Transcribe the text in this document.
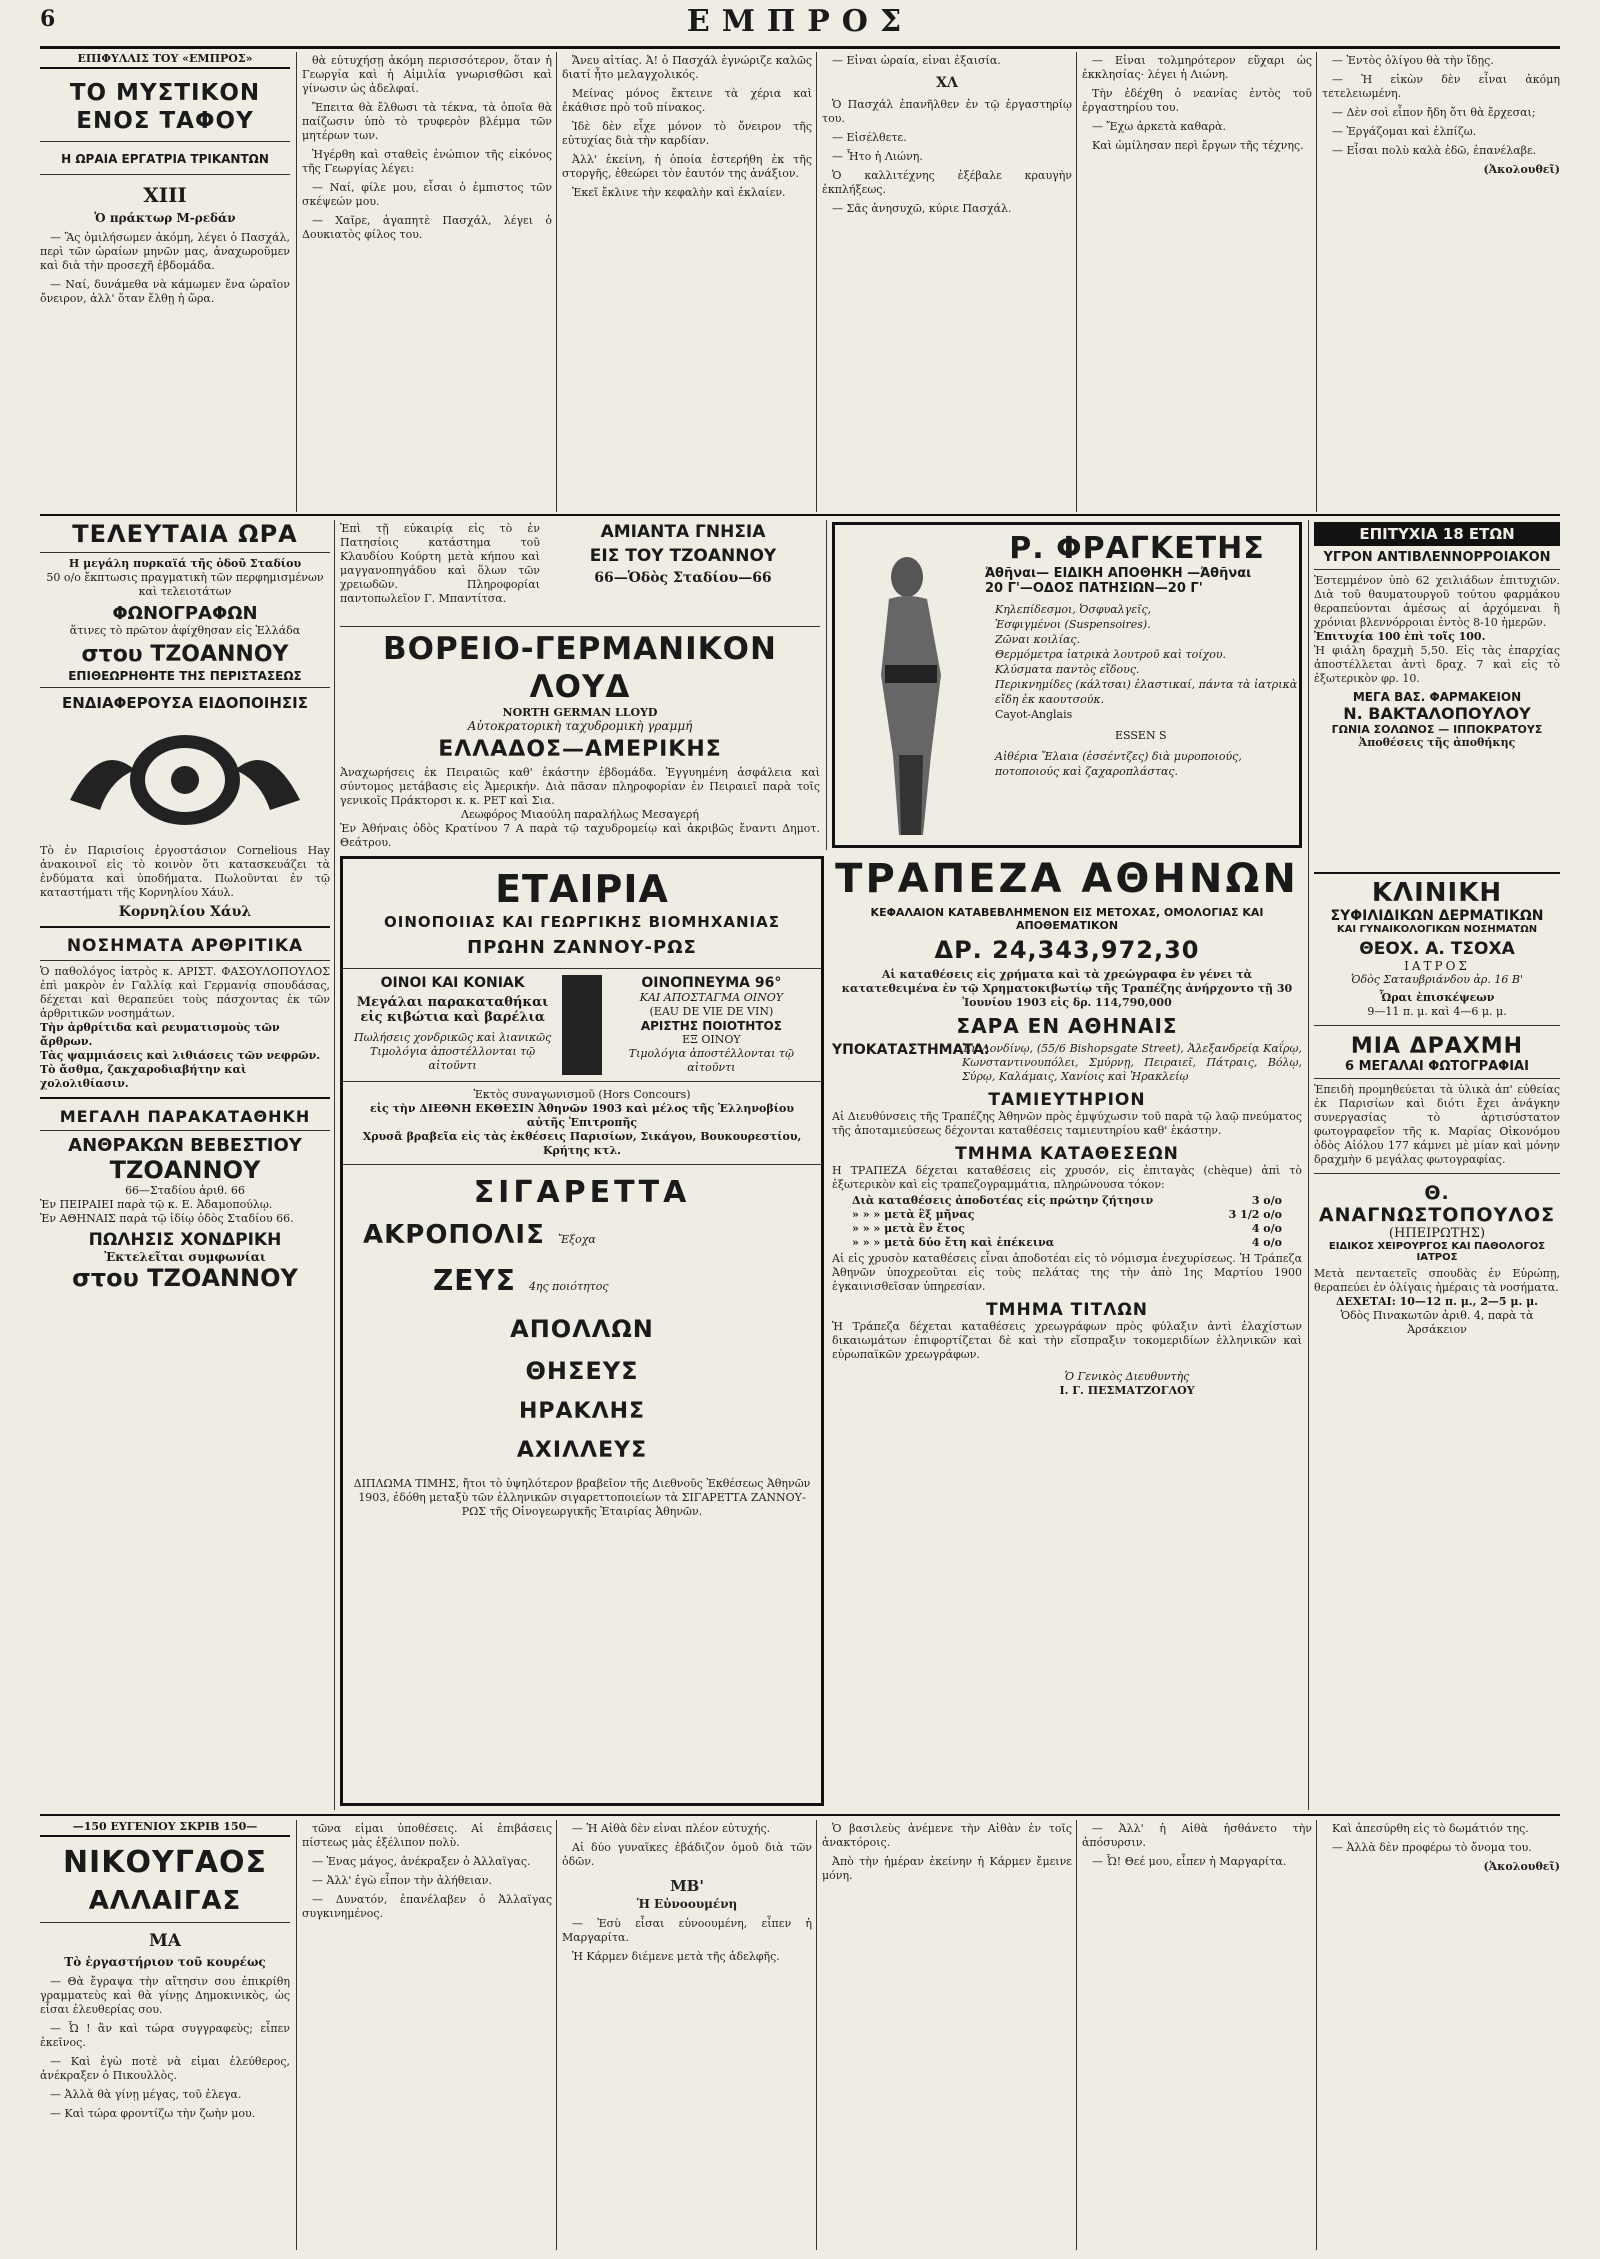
6	ΕΜΠΡΟΣ
ΕΠΙΦΥΛΛΙΣ ΤΟΥ «ΕΜΠΡΟΣ»
ΤΟ ΜΥΣΤΙΚΟΝ ΕΝΟΣ ΤΑΦΟΥ
Η ΩΡΑΙΑ ΕΡΓΑΤΡΙΑ ΤΡΙΚΑΝΤΩΝ
XIII
Ὁ πράκτωρ Μ-ρεδάν

— Ἃς ὁμιλήσωμεν ἀκόμη, λέγει ὁ Πασχάλ, περὶ τῶν ὡραίων μηνῶν μας, ἀναχωροῦμεν καὶ διὰ τὴν προσεχῆ ἑβδομάδα.

— Ναί, δυνάμεθα νὰ κάμωμεν ἔνα ὡραῖον ὄνειρον, ἀλλ' ὅταν ἔλθῃ ἡ ὥρα.

θὰ εὐτυχήσῃ ἀκόμη περισσότερον, ὅταν ἡ Γεωργία καὶ ἡ Αἰμιλία γνωρισθῶσι καὶ γίνωσιν ὡς ἀδελφαί.

Ἔπειτα θὰ ἔλθωσι τὰ τέκνα, τὰ ὁποῖα θὰ παίζωσιν ὑπὸ τὸ τρυφερὸν βλέμμα τῶν μητέρων των.

Ἠγέρθη καὶ σταθεὶς ἐνώπιον τῆς εἰκόνος τῆς Γεωργίας λέγει:

— Ναί, φίλε μου, εἶσαι ὁ ἐμπιστος τῶν σκέψεών μου.

— Χαῖρε, ἀγαπητὲ Πασχάλ, λέγει ὁ Δουκιατὸς φίλος του.

Ἄνευ αἰτίας. Ἀ! ὁ Πασχάλ ἐγνώριζε καλῶς διατί ἦτο μελαγχολικός.

Μείνας μόνος ἔκτεινε τὰ χέρια καὶ ἐκάθισε πρὸ τοῦ πίνακος.

Ἰδὲ δὲν εἶχε μόνον τὸ ὄνειρον τῆς εὐτυχίας διὰ τὴν καρδίαν.

Ἀλλ' ἐκείνη, ἡ ὁποία ἐστερήθη ἐκ τῆς στοργῆς, ἐθεώρει τὸν ἑαυτόν της ἀνάξιον.

Ἐκεῖ ἔκλινε τὴν κεφαλὴν καὶ ἐκλαίεν.

— Εἶναι ὡραία, εἶναι ἐξαισία.

ΧΛ

Ὁ Πασχάλ ἐπανῆλθεν ἐν τῷ ἐργαστηρίῳ του.

— Εἰσέλθετε.

— Ἦτο ἡ Λιώνη.

Ὁ καλλιτέχνης ἐξέβαλε κραυγὴν ἐκπλήξεως.

— Σᾶς ἀνησυχῶ, κύριε Πασχάλ.

— Εἶναι τολμηρότερον εὔχαρι ὡς ἐκκλησίας· λέγει ἡ Λιώνη.

Τὴν ἐδέχθη ὁ νεανίας ἐντὸς τοῦ ἐργαστηρίου του.

— Ἔχω ἀρκετὰ καθαρὰ.

Καὶ ὡμίλησαν περὶ ἔργων τῆς τέχνης.

— Ἐντὸς ὀλίγου θὰ τὴν ἴδῃς.

— Ἡ εἰκὼν δὲν εἶναι ἀκόμη τετελειωμένη.

— Δὲν σοὶ εἶπον ἤδη ὅτι θὰ ἔρχεσαι;

— Ἐργάζομαι καὶ ἐλπίζω.

— Εἶσαι πολὺ καλὰ ἐδῶ, ἐπανέλαβε.

(Ἀκολουθεῖ)
ΤΕΛΕΥΤΑΙΑ ΩΡΑ
Η μεγάλη πυρκαϊά τῆς ὁδοῦ Σταδίου
50 ο/ο ἔκπτωσις πραγματικὴ τῶν περφημισμένων καὶ τελειοτάτων
ΦΩΝΟΓΡΑΦΩΝ
ἅτινες τὸ πρῶτον ἀφίχθησαν εἰς Ἑλλάδα
στου ΤΖΟΑΝΝΟΥ
ΕΠΙΘΕΩΡΗΘΗΤΕ ΤΗΣ ΠΕΡΙΣΤΑΣΕΩΣ
ΕΝΔΙΑΦΕΡΟΥΣΑ ΕΙΔΟΠΟΙΗΣΙΣ
Τὸ ἐν Παρισίοις ἐργοστάσιον Cornelious Hay ἀνακοινοῖ εἰς τὸ κοινὸν ὅτι κατασκευάζει τὰ ἐνδύματα καὶ ὑποδήματα. Πωλοῦνται ἐν τῷ καταστήματι τῆς Κορνηλίου Χάυλ.
Κορνηλίου Χάυλ
ΝΟΣΗΜΑΤΑ ΑΡΘΡΙΤΙΚΑ
Ὁ παθολόγος ἰατρὸς κ. ΑΡΙΣΤ. ΦΑΣΟΥΛΟΠΟΥΛΟΣ ἐπὶ μακρὸν ἐν Γαλλίᾳ καὶ Γερμανίᾳ σπουδάσας, δέχεται καὶ θεραπεύει τοὺς πάσχοντας ἐκ τῶν ἀρθριτικῶν νοσημάτων.
Τὴν ἀρθρίτιδα καὶ ρευματισμοὺς τῶν ἄρθρων.
Τὰς ψαμμιάσεις καὶ λιθιάσεις τῶν νεφρῶν.
Τὸ ἄσθμα, ζακχαροδιαβήτην καὶ χολολιθίασιν.
ΜΕΓΑΛΗ ΠΑΡΑΚΑΤΑΘΗΚΗ
ΑΝΘΡΑΚΩΝ ΒΕΒΕΣΤΙΟΥ
ΤΖΟΑΝΝΟΥ
66—Σταδίου ἀριθ. 66
Ἐν ΠΕΙΡΑΙΕΙ παρὰ τῷ κ. Ε. Ἀδαμοπούλῳ.
Ἐν ΑΘΗΝΑΙΣ παρὰ τῷ ἰδίῳ ὁδὸς Σταδίου 66.
ΠΩΛΗΣΙΣ ΧΟΝΔΡΙΚΗ
Ἐκτελεῖται συμφωνίαι
στου ΤΖΟΑΝΝΟΥ
Ἐπὶ τῇ εὐκαιρίᾳ εἰς τὸ ἐν Πατησίοις κατάστημα τοῦ Κλαυδίου Κούρτη μετὰ κήπου καὶ μαγγανοπηγάδου καὶ ὅλων τῶν χρειωδῶν. Πληροφορίαι παντοπωλεῖον Γ. Μπαντίτσα.
ΑΜΙΑΝΤΑ ΓΝΗΣΙΑ
ΕΙΣ ΤΟΥ ΤΖΟΑΝΝΟΥ
66—Ὁδὸς Σταδίου—66
ΒΟΡΕΙΟ-ΓΕΡΜΑΝΙΚΟΝ ΛΟΥΔ
NORTH GERMAN LLOYD
Αὐτοκρατορικὴ ταχυδρομικὴ γραμμή
ΕΛΛΑΔΟΣ—ΑΜΕΡΙΚΗΣ
Ἀναχωρήσεις ἐκ Πειραιῶς καθ' ἑκάστην ἑβδομάδα. Ἐγγυημένη ἀσφάλεια καὶ σύντομος μετάβασις εἰς Ἀμερικήν. Διὰ πᾶσαν πληροφορίαν ἐν Πειραιεῖ παρὰ τοῖς γενικοῖς Πράκτορσι κ. κ. ΡΕΤ καὶ Σια.
Λεωφόρος Μιαούλη παραλήλως Μεσαγερή
Ἐν Ἀθήναις ὁδὸς Κρατίνου 7 Α παρὰ τῷ ταχυδρομείῳ καὶ ἀκριβῶς ἔναντι Δημοτ. Θεάτρου.
Ρ. ΦΡΑΓΚΕΤΗΣ
Ἀθῆναι— ΕΙΔΙΚΗ ΑΠΟΘΗΚΗ —Ἀθῆναι
20 Γ'—ΟΔΟΣ ΠΑΤΗΣΙΩΝ—20 Γ'
Κηλεπίδεσμοι, Ὀσφυαλγεῖς,
Ἑσφιγμένοι (Suspensoires).
Ζῶναι κοιλίας.
Θερμόμετρα ἰατρικὰ λουτροῦ καὶ τοίχου.
Κλύσματα παντὸς εἴδους.
Περικνημίδες (κάλτσαι) ἐλαστικαί, πάντα τὰ ἰατρικὰ εἴδη ἐκ καουτσούκ.
Cayot-Anglais
ESSEN S
Αἰθέρια Ἔλαια (ἐσσέντζες) διὰ μυροποιούς, ποτοποιούς καὶ ζαχαροπλάστας.
ΕΠΙΤΥΧΙΑ 18 ΕΤΩΝ
ΥΓΡΟΝ ΑΝΤΙΒΛΕΝΝΟΡΡΟΙΑΚΟΝ
Ἐστεμμένον ὑπὸ 62 χειλιάδων ἐπιτυχιῶν. Διὰ τοῦ θαυματουργοῦ τούτου φαρμάκου θεραπεύονται ἀμέσως αἱ ἀρχόμεναι ἢ χρόνιαι βλεννόρροιαι ἐντὸς 8-10 ἡμερῶν.
Ἐπιτυχία 100 ἐπὶ τοῖς 100.
Ἡ φιάλη δραχμὴ 5,50. Εἰς τὰς ἐπαρχίας ἀποστέλλεται ἀντὶ δραχ. 7 καὶ εἰς τὸ ἐξωτερικὸν φρ. 10.
ΜΕΓΑ ΒΑΣ. ΦΑΡΜΑΚΕΙΟΝ
Ν. ΒΑΚΤΑΛΟΠΟΥΛΟΥ
ΓΩΝΙΑ ΣΟΛΩΝΟΣ — ΙΠΠΟΚΡΑΤΟΥΣ
Ἀποθέσεις τῆς ἀποθήκης
ΕΤΑΙΡΙΑ
ΟΙΝΟΠΟΙΙΑΣ ΚΑΙ ΓΕΩΡΓΙΚΗΣ ΒΙΟΜΗΧΑΝΙΑΣ
ΠΡΩΗΝ ΖΑΝΝΟΥ-ΡΩΣ
ΟΙΝΟΙ ΚΑΙ ΚΟΝΙΑΚ
Μεγάλαι παρακαταθήκαι εἰς κιβώτια καὶ βαρέλια
Πωλήσεις χονδρικῶς καὶ λιανικῶς
Τιμολόγια ἀποστέλλονται τῷ αἰτοῦντι
ΟΙΝΟΠΝΕΥΜΑ 96°
ΚΑΙ ΑΠΟΣΤΑΓΜΑ ΟΙΝΟΥ
(EAU DE VIE DE VIN)
ΑΡΙΣΤΗΣ ΠΟΙΟΤΗΤΟΣ
ΕΞ ΟΙΝΟΥ
Τιμολόγια ἀποστέλλονται τῷ αἰτοῦντι
Ἐκτὸς συναγωνισμοῦ (Hors Concours)
εἰς τὴν ΔΙΕΘΝΗ ΕΚΘΕΣΙΝ Ἀθηνῶν 1903 καὶ μέλος τῆς Ἑλληνοβίου αὐτῆς Ἐπιτροπῆς
Χρυσᾶ βραβεῖα εἰς τὰς ἐκθέσεις Παρισίων, Σικάγου, Βουκουρεστίου, Κρήτης κτλ.
ΣΙΓΑΡΕΤΤΑ
ΑΚΡΟΠΟΛΙΣ Ἔξοχα
ΖΕΥΣ 4ης ποιότητος
ΑΠΟΛΛΩΝ
ΘΗΣΕΥΣ
ΗΡΑΚΛΗΣ
ΑΧΙΛΛΕΥΣ
ΔΙΠΛΩΜΑ ΤΙΜΗΣ, ἤτοι τὸ ὑψηλότερον βραβεῖον τῆς Διεθνοῦς Ἐκθέσεως Ἀθηνῶν 1903, ἐδόθη μεταξὺ τῶν ἑλληνικῶν σιγαρεττοποιείων τὰ ΣΙΓΑΡΕΤΤΑ ΖΑΝΝΟΥ-ΡΩΣ τῆς Οἰνογεωργικῆς Ἑταιρίας Ἀθηνῶν.
ΤΡΑΠΕΖΑ ΑΘΗΝΩΝ
ΚΕΦΑΛΑΙΟΝ ΚΑΤΑΒΕΒΛΗΜΕΝΟΝ ΕΙΣ ΜΕΤΟΧΑΣ, ΟΜΟΛΟΓΙΑΣ ΚΑΙ ΑΠΟΘΕΜΑΤΙΚΟΝ
ΔΡ. 24,343,972,30
Αἱ καταθέσεις εἰς χρήματα καὶ τὰ χρεώγραφα ἐν γένει τὰ κατατεθειμένα ἐν τῷ Χρηματοκιβωτίῳ τῆς Τραπέζης ἀνήρχοντο τῇ 30 Ἰουνίου 1903 εἰς δρ. 114,790,000
ΣΑΡΑ ΕΝ ΑΘΗΝΑΙΣ
ΥΠΟΚΑΤΑΣΤΗΜΑΤΑ:
Ἐν Λονδίνῳ, (55/6 Bishopsgate Street), Ἀλεξανδρείᾳ Καΐρῳ, Κωνσταντινουπόλει, Σμύρνῃ, Πειραιεῖ, Πάτραις, Βόλῳ, Σύρῳ, Καλάμαις, Χανίοις καὶ Ἡρακλείῳ
ΤΑΜΙΕΥΤΗΡΙΟΝ
Αἱ Διευθύνσεις τῆς Τραπέζης Ἀθηνῶν πρὸς ἐμψύχωσιν τοῦ παρὰ τῷ λαῷ πνεύματος τῆς ἀποταμιεύσεως δέχονται καταθέσεις ταμιευτηρίου καθ' ἑκάστην.
ΤΜΗΜΑ ΚΑΤΑΘΕΣΕΩΝ
Η ΤΡΑΠΕΖΑ δέχεται καταθέσεις εἰς χρυσόν, εἰς ἐπιταγὰς (chèque) ἀπὶ τὸ ἐξωτερικὸν καὶ εἰς τραπεζογραμμάτια, πληρώνουσα τόκον:
Διὰ καταθέσεις ἀποδοτέας εἰς πρώτην ζήτησιν	3 ο/ο
» » » μετὰ ἓξ μῆνας	3 1/2 ο/ο
» » » μετὰ ἓν ἔτος	4 ο/ο
» » » μετὰ δύο ἔτη καὶ ἐπέκεινα	4 ο/ο
Αἱ εἰς χρυσὸν καταθέσεις εἶναι ἀποδοτέαι εἰς τὸ νόμισμα ἐνεχυρίσεως. Ἡ Τράπεζα Ἀθηνῶν ὑποχρεοῦται εἰς τοὺς πελάτας της τὴν ἀπὸ 1ης Μαρτίου 1900 ἐγκαινισθεῖσαν ὑπηρεσίαν.
ΤΜΗΜΑ ΤΙΤΛΩΝ
Ἡ Τράπεζα δέχεται καταθέσεις χρεωγράφων πρὸς φύλαξιν ἀντὶ ἐλαχίστων δικαιωμάτων ἐπιφορτίζεται δὲ καὶ τὴν εἴσπραξιν τοκομεριδίων ἑλληνικῶν καὶ εὐρωπαϊκῶν χρεωγράφων.
Ὁ Γενικὸς Διευθυντὴς
Ι. Γ. ΠΕΣΜΑΤΖΟΓΛΟΥ
ΚΛΙΝΙΚΗ
ΣΥΦΙΛΙΔΙΚΩΝ ΔΕΡΜΑΤΙΚΩΝ
ΚΑΙ ΓΥΝΑΙΚΟΛΟΓΙΚΩΝ ΝΟΣΗΜΑΤΩΝ
ΘΕΟΧ. Α. ΤΣΟΧΑ
ΙΑΤΡΟΣ
Ὁδὸς Σαταυβριάνδου ἀρ. 16 Β'
Ὧραι ἐπισκέψεων
9—11 π. μ. καὶ 4—6 μ. μ.
ΜΙΑ ΔΡΑΧΜΗ
6 ΜΕΓΑΛΑΙ ΦΩΤΟΓΡΑΦΙΑΙ
Ἐπειδὴ προμηθεύεται τὰ ὑλικὰ ἀπ' εὐθείας ἐκ Παρισίων καὶ διότι ἔχει ἀνάγκην συνεργασίας τὸ ἀρτισύστατον φωτογραφεῖον τῆς κ. Μαρίας Οἰκονόμου ὁδὸς Αἰόλου 177 κάμνει μὲ μίαν καὶ μόνην δραχμὴν 6 μεγάλας φωτογραφίας.
Θ. ΑΝΑΓΝΩΣΤΟΠΟΥΛΟΣ
(ΗΠΕΙΡΩΤΗΣ)
ΕΙΔΙΚΟΣ ΧΕΙΡΟΥΡΓΟΣ ΚΑΙ ΠΑΘΟΛΟΓΟΣ ΙΑΤΡΟΣ
Μετὰ πενταετεῖς σπουδὰς ἐν Εὐρώπῃ, θεραπεύει ἐν ὀλίγαις ἡμέραις τὰ νοσήματα.
ΔΕΧΕΤΑΙ: 10—12 π. μ., 2—5 μ. μ.
Ὁδὸς Πινακωτῶν ἀριθ. 4, παρὰ τὰ Ἀρσάκειον
—150 ΕΥΓΕΝΙΟΥ ΣΚΡΙΒ 150—
ΝΙΚΟΥΓΑΟΣ
ΑΛΛΑΙΓΑΣ
ΜΑ
Τὸ ἐργαστήριον τοῦ κουρέως

— Θὰ ἔγραψα τὴν αἴτησιν σου ἐπικρίθη γραμματεὺς καὶ θὰ γίνῃς Δημοκινικὸς, ὡς εἶσαι ἐλευθερίας σου.

— Ὦ ! ἂν καὶ τώρα συγγραφεὺς; εἶπεν ἐκεῖνος.

— Καὶ ἐγὼ ποτὲ νὰ εἰμαι ἐλεύθερος, ἀνέκραξεν ὁ Πικουλλὸς.

— Ἀλλὰ θὰ γίνῃ μέγας, τοῦ ἐλεγα.

— Καὶ τώρα φροντίζω τὴν ζωὴν μου.

τῶνα εἰμαι ὑποθέσεις. Αἱ ἐπιβάσεις πίστεως μὰς ἐξέλιπον πολὺ.

— Ἐνας μάγος, ἀνέκραξεν ὁ Ἀλλαϊγας.

— Ἀλλ' ἐγὼ εἶπον τὴν ἀλήθειαν.

— Δυνατόν, ἐπανέλαβεν ὁ Ἀλλαϊγας συγκινημένος.

— Ἡ Αἰθὰ δὲν εἶναι πλέον εὐτυχής.

Αἱ δύο γυναῖκες ἐβάδιζον ὁμοῦ διὰ τῶν ὁδῶν.

ΜΒ'
Ἡ Εὐνοουμένη

— Ἐσὺ εἶσαι εὐνοουμένη, εἶπεν ἡ Μαργαρίτα.

Ἡ Κάρμεν διέμενε μετὰ τῆς ἀδελφῆς.

Ὁ βασιλεὺς ἀνέμενε τὴν Αἰθὰν ἐν τοῖς ἀνακτόροις.

Ἀπὸ τὴν ἡμέραν ἐκείνην ἡ Κάρμεν ἔμεινε μόνη.

— Ἀλλ' ἡ Αἰθὰ ἠσθάνετο τὴν ἀπόσυρσιν.

— Ὦ! Θεέ μου, εἶπεν ἡ Μαργαρίτα.

Καὶ ἀπεσύρθη εἰς τὸ δωμάτιόν της.

— Ἀλλὰ δὲν προφέρω τὸ ὄνομα του.

(Ἀκολουθεῖ)
